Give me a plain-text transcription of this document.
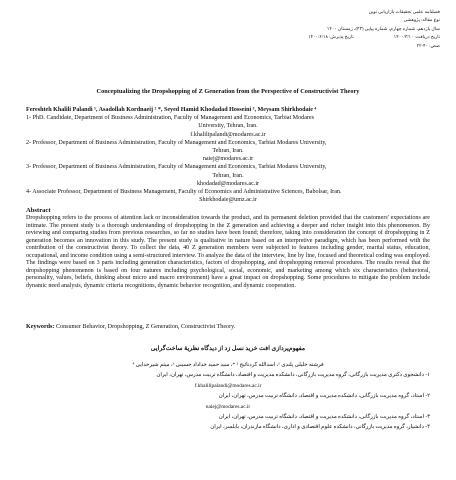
فصلنامه علمی تحقیقات بازاریابی نوین
نوع مقاله: پژوهشی
سال یازدهم، شماره چهارم، شماره پیاپی (۴۳)، زمستان ۱۴۰۰
تاریخ دریافت: ۱۴۰۰/۳/۱۰
تاریخ پذیرش: ۱۴۰۰/۶/۱۸
صص: ۴۰-۲۲
Conceptualizing the Dropshopping of Z Generation from the Perspective of Constructivist Theory
Fereshteh Khalili Palandi ¹, Asadollah Kordnaeij ² *, Seyed Hamid Khodadad Hosseini ³, Meysam Shirkhodaie ⁴
1- PhD. Candidate, Department of Business Administration, Faculty of Management and Economics, Tarbiat Modares
University, Tehran, Iran.
f.khalilipalandi@modares.ac.ir
2- Professor, Department of Business Administration, Faculty of Management and Economics, Tarbiat Modares University,
Tehran, Iran.
naiej@modares.ac.ir
3- Professor, Department of Business Administration, Faculty of Management and Economics, Tarbiat Modares University,
Tehran, Iran.
khodadad@modares.ac.ir
4- Associate Professor, Department of Business Management, Faculty of Economics and Administrative Sciences, Babolsar, Iran.
Shirkhodaie@umz.ac.ir
Abstract
Dropshopping refers to the process of attention lack or inconsideration towards the product, and its permanent deletion provided that the customers' expectations are intimate. The present study is a thorough understanding of dropshopping in the Z generation and achieving a deeper and richer insight into this phenomenon. By reviewing and comparing studies from previous researches, so far no studies have been found; therefore, taking into consideration the concept of dropshopping in Z generation becomes an innovation in this study. The present study is qualitative in nature based on an interpretive paradigm, which has been performed with the contribution of the constructivist theory. To collect the data, 40 Z generation members were subjected to features including gender, marital status, education, occupational, and income condition using a semi-structured interview. To analyze the data of the interview, line by line, focused and theoretical coding was employed. The findings were based on 3 parts including generation characteristics, factors of dropshopping, and dropshopping removal procedures. The results reveal that the dropshopping phenomenon is based on four natures including psychological, social, economic, and marketing among which six characteristics (behavioral, personality, values, beliefs, thinking about micro and macro environment) have a great impact on dropshopping. Some procedures to mitigate the problem include dynamic need analysis, dynamic criteria recognitions, dynamic behavior recognition, and dynamic cooperation.
Keywords: Consumer Behavior, Dropshopping, Z Generation, Constructivist Theory.
مفهوم‌پردازی افت خرید نسل زد از دیدگاه نظریهٔ ساخت‌گرایی
فرشته خلیلی پلندی ¹، اسدالله کردنائیج ² *، سید حمید خداداد حسینی ³، میثم شیرخدایی ⁴
۱- دانشجوی دکتری مدیریت بازرگانی، گروه مدیریت بازرگانی، دانشکده مدیریت و اقتصاد، دانشگاه تربیت مدرس، تهران، ایران
f.khalilipalandi@modares.ac.ir
۲- استاد، گروه مدیریت بازرگانی، دانشکده مدیریت و اقتصاد، دانشگاه تربیت مدرس، تهران، ایران
naiej@modares.ac.ir
۳- استاد، گروه مدیریت بازرگانی، دانشکده مدیریت و اقتصاد، دانشگاه تربیت مدرس، تهران، ایران
۴- دانشیار، گروه مدیریت بازرگانی، دانشکده علوم اقتصادی و اداری، دانشگاه مازندران، بابلسر، ایران
